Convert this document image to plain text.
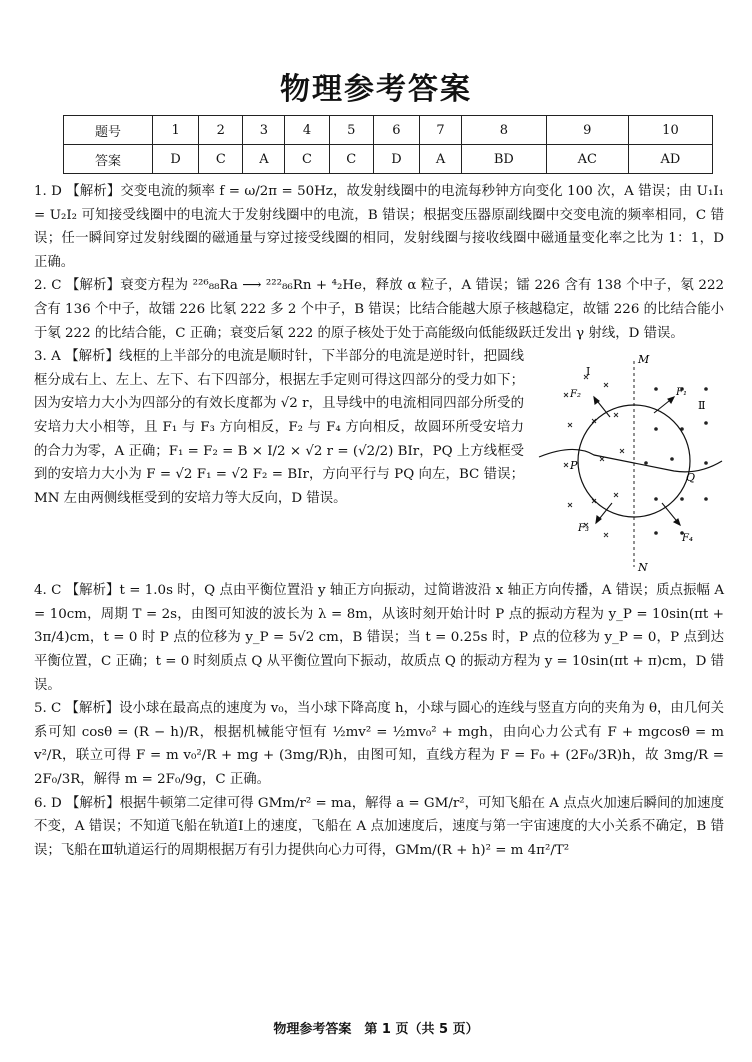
物理参考答案
题号	1	2	3	4	5	6	7	8	9	10
答案	D	C	A	C	C	D	A	BD	AC	AD

1. D 【解析】交变电流的频率 f = ω/2π = 50Hz，故发射线圈中的电流每秒钟方向变化 100 次，A 错误；由 U₁I₁ = U₂I₂ 可知接受线圈中的电流大于发射线圈中的电流，B 错误；根据变压器原副线圈中交变电流的频率相同，C 错误；任一瞬间穿过发射线圈的磁通量与穿过接受线圈的相同，发射线圈与接收线圈中磁通量变化率之比为 1：1，D 正确。

2. C 【解析】衰变方程为 ²²⁶₈₈Ra ⟶ ²²²₈₆Rn + ⁴₂He，释放 α 粒子，A 错误；镭 226 含有 138 个中子，氡 222 含有 136 个中子，故镭 226 比氡 222 多 2 个中子，B 错误；比结合能越大原子核越稳定，故镭 226 的比结合能小于氡 222 的比结合能，C 正确；衰变后氡 222 的原子核处于处于高能级向低能级跃迁发出 γ 射线，D 错误。

M
N
P
Q
Ⅰ
Ⅱ
F₁
F₂
F₃
F₄
3. A 【解析】线框的上半部分的电流是顺时针，下半部分的电流是逆时针，把圆线框分成右上、左上、左下、右下四部分，根据左手定则可得这四部分的受力如下；因为安培力大小为四部分的有效长度都为 √2 r，且导线中的电流相同四部分所受的安培力大小相等，且 F₁ 与 F₃ 方向相反，F₂ 与 F₄ 方向相反，故圆环所受安培力的合力为零，A 正确；F₁ = F₂ = B × I/2 × √2 r = (√2/2) BIr，PQ 上方线框受到的安培力大小为 F = √2 F₁ = √2 F₂ = BIr，方向平行与 PQ 向左，BC 错误；MN 左由两侧线框受到的安培力等大反向，D 错误。

4. C 【解析】t = 1.0s 时，Q 点由平衡位置沿 y 轴正方向振动，过简谐波沿 x 轴正方向传播，A 错误；质点振幅 A = 10cm，周期 T = 2s，由图可知波的波长为 λ = 8m，从该时刻开始计时 P 点的振动方程为 y_P = 10sin(πt + 3π/4)cm，t = 0 时 P 点的位移为 y_P = 5√2 cm，B 错误；当 t = 0.25s 时，P 点的位移为 y_P = 0，P 点到达平衡位置，C 正确；t = 0 时刻质点 Q 从平衡位置向下振动，故质点 Q 的振动方程为 y = 10sin(πt + π)cm，D 错误。

5. C 【解析】设小球在最高点的速度为 v₀，当小球下降高度 h，小球与圆心的连线与竖直方向的夹角为 θ，由几何关系可知 cosθ = (R − h)/R，根据机械能守恒有 ½mv² = ½mv₀² + mgh，由向心力公式有 F + mgcosθ = m v²/R，联立可得 F = m v₀²/R + mg + (3mg/R)h，由图可知，直线方程为 F = F₀ + (2F₀/3R)h，故 3mg/R = 2F₀/3R，解得 m = 2F₀/9g，C 正确。

6. D 【解析】根据牛顿第二定律可得 GMm/r² = ma，解得 a = GM/r²，可知飞船在 A 点点火加速后瞬间的加速度不变，A 错误；不知道飞船在轨道Ⅰ上的速度，飞船在 A 点加速度后，速度与第一宇宙速度的大小关系不确定，B 错误；飞船在Ⅲ轨道运行的周期根据万有引力提供向心力可得，GMm/(R + h)² = m 4π²/T²

物理参考答案　第 1 页（共 5 页）
